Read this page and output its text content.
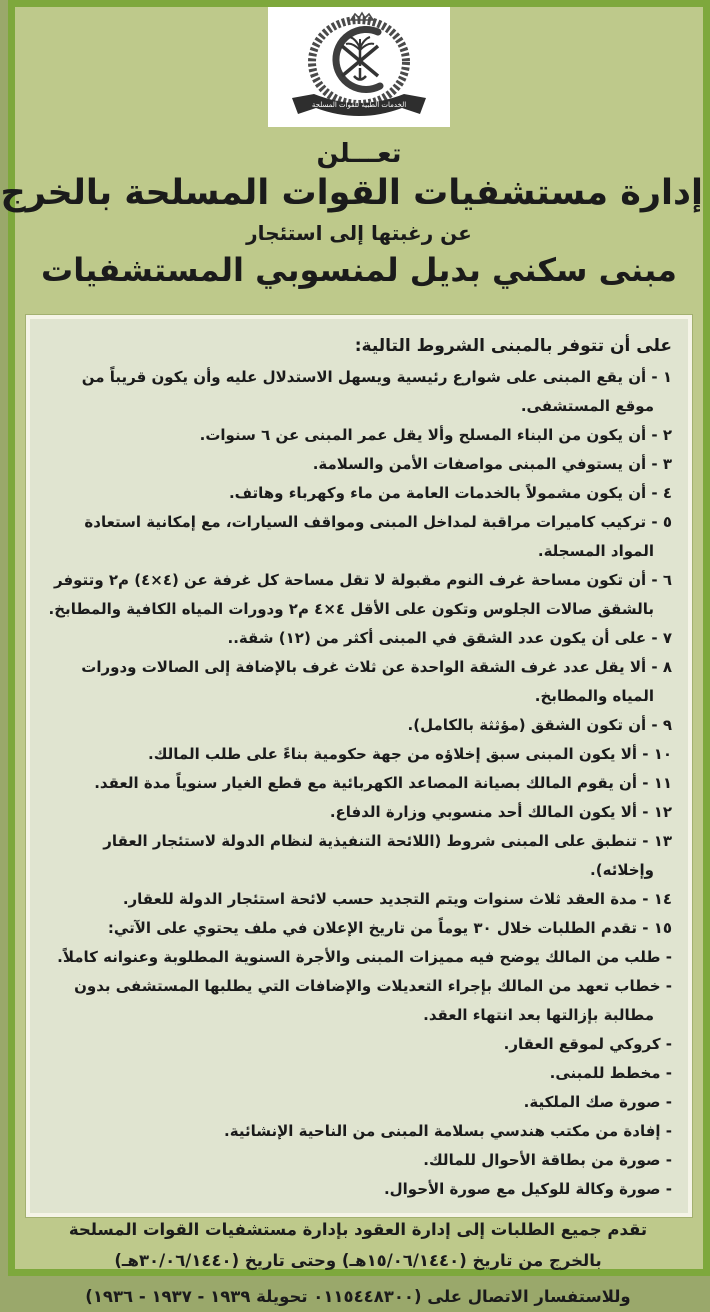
الخدمات الطبية للقوات المسلحة
تعـــلن
إدارة مستشفيات القوات المسلحة بالخرج
عن رغبتها إلى استئجار
مبنى سكني بديل لمنسوبي المستشفيات
على أن تتوفر بالمبنى الشروط التالية:
١ - أن يقع المبنى على شوارع رئيسية ويسهل الاستدلال عليه وأن يكون قريباً من موقع المستشفى.
٢ - أن يكون من البناء المسلح وألا يقل عمر المبنى عن ٦ سنوات.
٣ - أن يستوفي المبنى مواصفات الأمن والسلامة.
٤ - أن يكون مشمولاً بالخدمات العامة من ماء وكهرباء وهاتف.
٥ - تركيب كاميرات مراقبة لمداخل المبنى ومواقف السيارات، مع إمكانية استعادة المواد المسجلة.
٦ - أن تكون مساحة غرف النوم مقبولة لا تقل مساحة كل غرفة عن (٤×٤) م٢ وتتوفر بالشقق صالات الجلوس وتكون على الأقل ٤×٤ م٢ ودورات المياه الكافية والمطابخ.
٧ - على أن يكون عدد الشقق في المبنى أكثر من (١٢) شقة..
٨ - ألا يقل عدد غرف الشقة الواحدة عن ثلاث غرف بالإضافة إلى الصالات ودورات المياه والمطابخ.
٩ - أن تكون الشقق (مؤثثة بالكامل).
١٠ - ألا يكون المبنى سبق إخلاؤه من جهة حكومية بناءً على طلب المالك.
١١ - أن يقوم المالك بصيانة المصاعد الكهربائية مع قطع الغيار سنوياً مدة العقد.
١٢ - ألا يكون المالك أحد منسوبي وزارة الدفاع.
١٣ - تنطبق على المبنى شروط (اللائحة التنفيذية لنظام الدولة لاستئجار العقار وإخلائه).
١٤ - مدة العقد ثلاث سنوات ويتم التجديد حسب لائحة استئجار الدولة للعقار.
١٥ - تقدم الطلبات خلال ٣٠ يوماً من تاريخ الإعلان في ملف يحتوي على الآتي:
- طلب من المالك يوضح فيه مميزات المبنى والأجرة السنوية المطلوبة وعنوانه كاملاً.
- خطاب تعهد من المالك بإجراء التعديلات والإضافات التي يطلبها المستشفى بدون مطالبة بإزالتها بعد انتهاء العقد.
- كروكي لموقع العقار.
- مخطط للمبنى.
- صورة صك الملكية.
- إفادة من مكتب هندسي بسلامة المبنى من الناحية الإنشائية.
- صورة من بطاقة الأحوال للمالك.
- صورة وكالة للوكيل مع صورة الأحوال.
تقدم جميع الطلبات إلى إدارة العقود بإدارة مستشفيات القوات المسلحة بالخرج من تاريخ (١٥/٠٦/١٤٤٠هـ) وحتى تاريخ (٣٠/٠٦/١٤٤٠هـ)
وللاستفسار الاتصال على (٠١١٥٤٤٨٣٠٠ تحويلة ١٩٣٩ - ١٩٣٧ - ١٩٣٦)
